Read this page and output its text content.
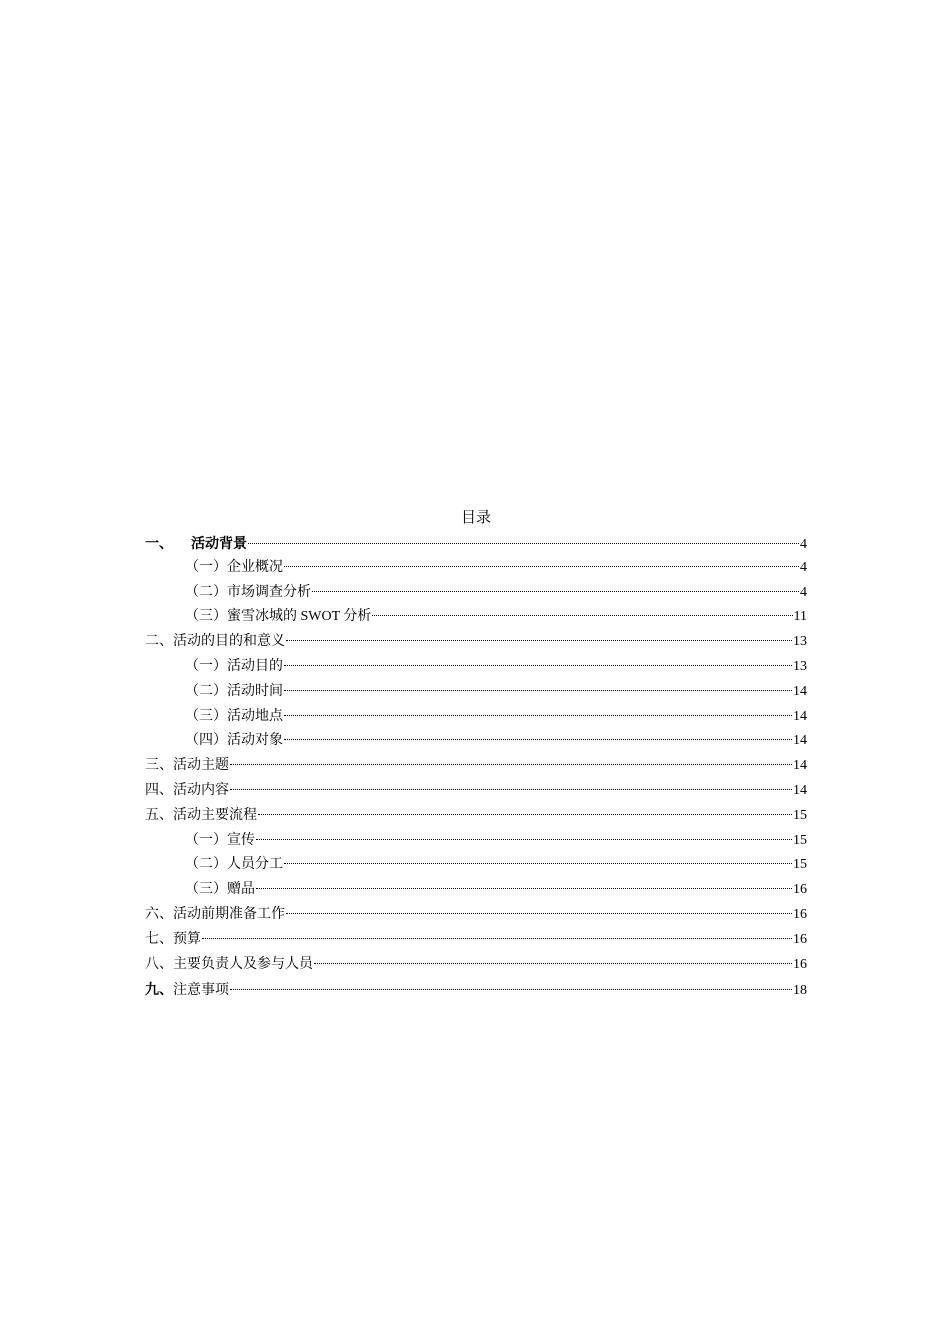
目录
一、 活动背景	4
（一）企业概况	4
（二）市场调查分析	4
（三）蜜雪冰城的 SWOT 分析	11
二、活动的目的和意义	13
（一）活动目的	13
（二）活动时间	14
（三）活动地点	14
（四）活动对象	14
三、活动主题	14
四、活动内容	14
五、活动主要流程	15
（一）宣传	15
（二）人员分工	15
（三）赠品	16
六、活动前期准备工作	16
七、预算	16
八、主要负责人及参与人员	16
九、注意事项	18
